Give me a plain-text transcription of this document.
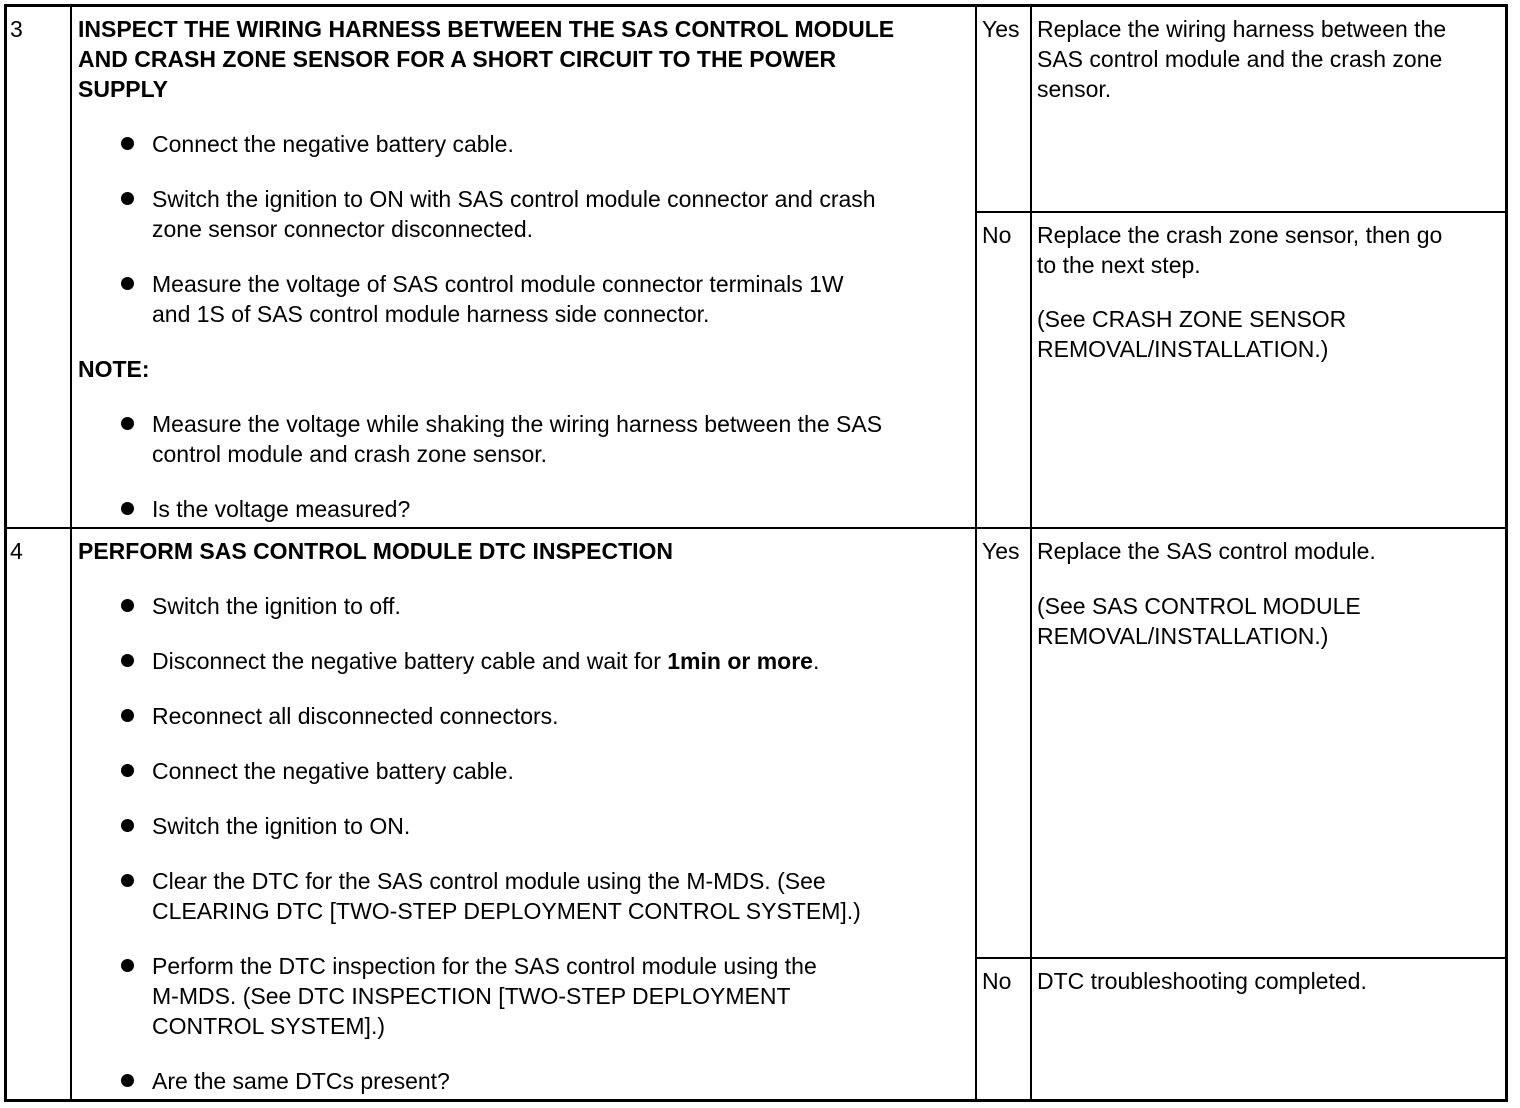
3 INSPECT THE WIRING HARNESS BETWEEN THE SAS CONTROL MODULE
AND CRASH ZONE SENSOR FOR A SHORT CIRCUIT TO THE POWER
SUPPLY
Connect the negative battery cable.
Switch the ignition to ON with SAS control module connector and crash
zone sensor connector disconnected.
Measure the voltage of SAS control module connector terminals 1W
and 1S of SAS control module harness side connector.
NOTE:
Measure the voltage while shaking the wiring harness between the SAS
control module and crash zone sensor.
Is the voltage measured?
Yes Replace the wiring harness between the
SAS control module and the crash zone
sensor.
No Replace the crash zone sensor, then go
to the next step.
(See CRASH ZONE SENSOR
REMOVAL/INSTALLATION.)
4 PERFORM SAS CONTROL MODULE DTC INSPECTION
Switch the ignition to off.
Disconnect the negative battery cable and wait for 1min or more.
Reconnect all disconnected connectors.
Connect the negative battery cable.
Switch the ignition to ON.
Clear the DTC for the SAS control module using the M-MDS. (See
CLEARING DTC [TWO-STEP DEPLOYMENT CONTROL SYSTEM].)
Perform the DTC inspection for the SAS control module using the
M-MDS. (See DTC INSPECTION [TWO-STEP DEPLOYMENT
CONTROL SYSTEM].)
Are the same DTCs present?
Yes Replace the SAS control module.
(See SAS CONTROL MODULE
REMOVAL/INSTALLATION.)
No DTC troubleshooting completed.
